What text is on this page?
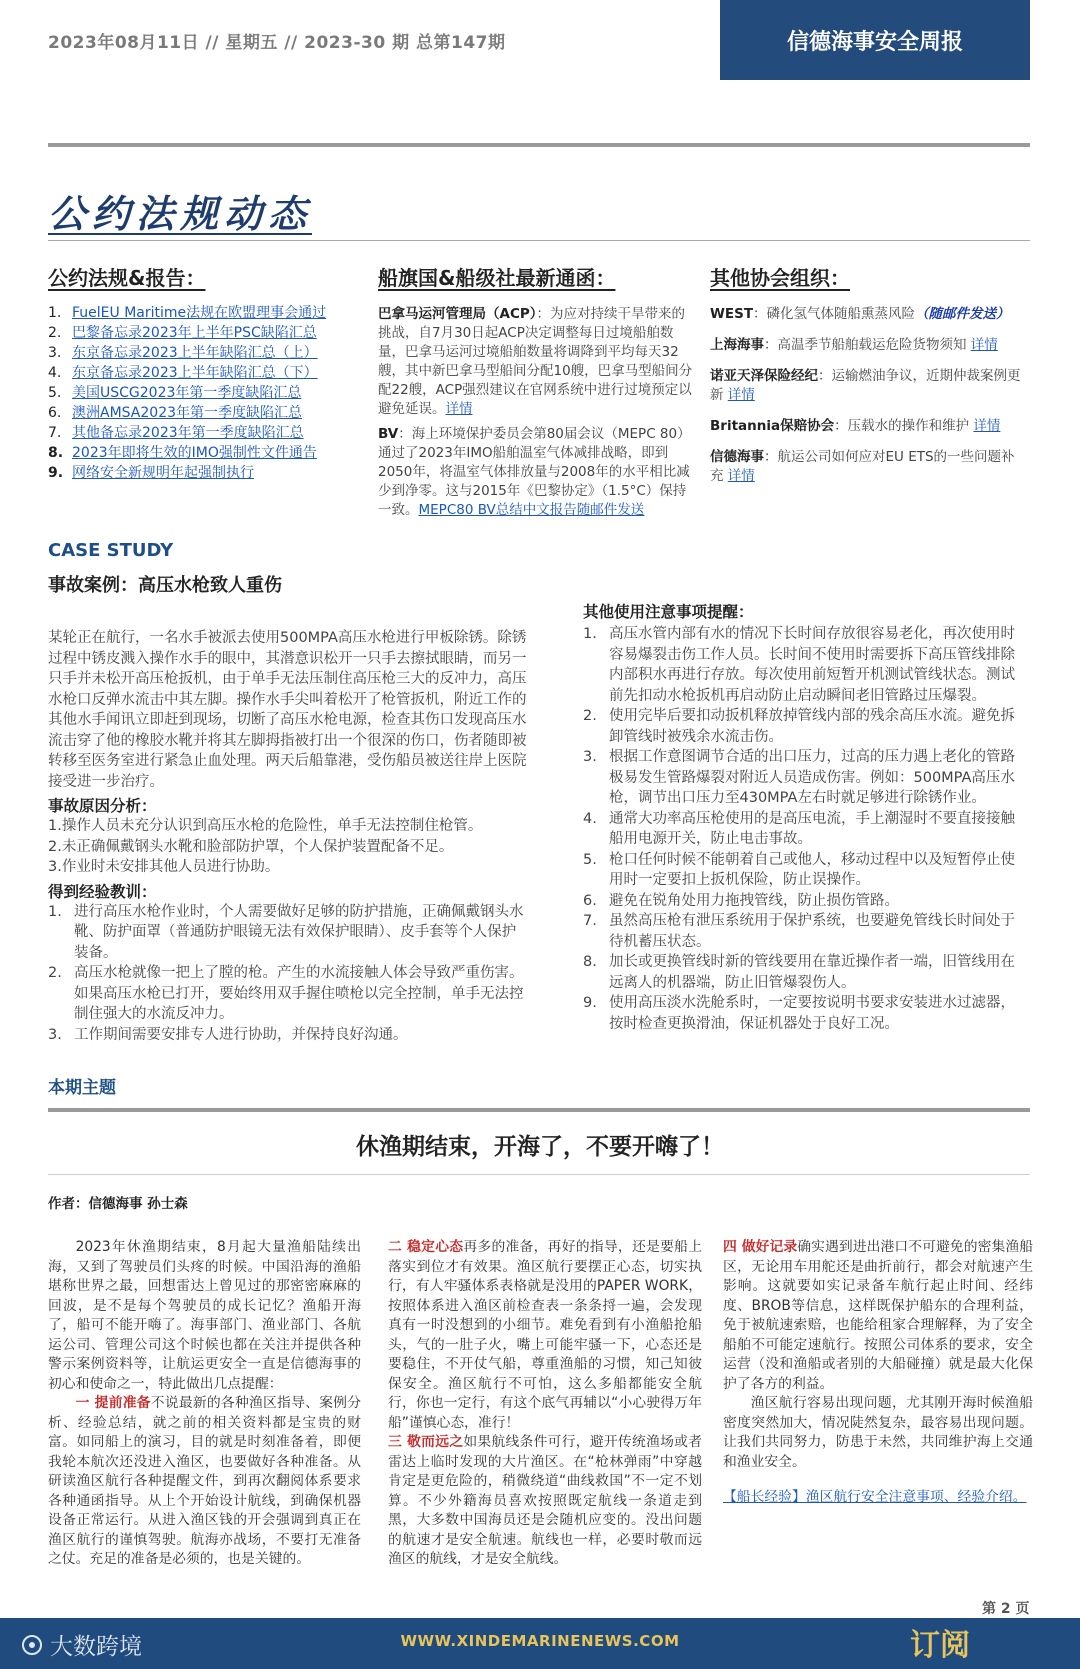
2023年08月11日 // 星期五 // 2023-30 期 总第147期	信德海事安全周报
公约法规动态
公约法规&报告：
1. FuelEU Maritime法规在欧盟理事会通过
2. 巴黎备忘录2023年上半年PSC缺陷汇总
3. 东京备忘录2023上半年缺陷汇总（上）
4. 东京备忘录2023上半年缺陷汇总（下）
5. 美国USCG2023年第一季度缺陷汇总
6. 澳洲AMSA2023年第一季度缺陷汇总
7. 其他备忘录2023年第一季度缺陷汇总
8. 2023年即将生效的IMO强制性文件通告
9. 网络安全新规明年起强制执行
船旗国&船级社最新通函：
巴拿马运河管理局（ACP）：为应对持续干旱带来的挑战，自7月30日起ACP决定调整每日过境船舶数量，巴拿马运河过境船舶数量将调降到平均每天32艘，其中新巴拿马型船间分配10艘，巴拿马型船间分配22艘，ACP强烈建议在官网系统中进行过境预定以避免延误。详情
BV：海上环境保护委员会第80届会议（MEPC 80）通过了2023年IMO船舶温室气体减排战略，即到2050年，将温室气体排放量与2008年的水平相比减少到净零。这与2015年《巴黎协定》（1.5°C）保持一致。MEPC80 BV总结中文报告随邮件发送
其他协会组织：
WEST：磷化氢气体随船熏蒸风险（随邮件发送）
上海海事：高温季节船舶载运危险货物须知 详情
诺亚天泽保险经纪：运输燃油争议，近期仲裁案例更新 详情
Britannia保赔协会：压载水的操作和维护 详情
信德海事：航运公司如何应对EU ETS的一些问题补充 详情
CASE STUDY
事故案例：高压水枪致人重伤
某轮正在航行，一名水手被派去使用500MPA高压水枪进行甲板除锈。除锈过程中锈皮溅入操作水手的眼中，其潜意识松开一只手去擦拭眼睛，而另一只手并未松开高压枪扳机，由于单手无法压制住高压枪三大的反冲力，高压水枪口反弹水流击中其左脚。操作水手尖叫着松开了枪管扳机，附近工作的其他水手闻讯立即赶到现场，切断了高压水枪电源，检查其伤口发现高压水流击穿了他的橡胶水靴并将其左脚拇指被打出一个很深的伤口，伤者随即被转移至医务室进行紧急止血处理。两天后船靠港，受伤船员被送往岸上医院接受进一步治疗。
事故原因分析：
1.操作人员未充分认识到高压水枪的危险性，单手无法控制住枪管。
2.未正确佩戴钢头水靴和脸部防护罩，个人保护装置配备不足。
3.作业时未安排其他人员进行协助。
得到经验教训：
1. 进行高压水枪作业时，个人需要做好足够的防护措施，正确佩戴钢头水靴、防护面罩（普通防护眼镜无法有效保护眼睛）、皮手套等个人保护装备。
2. 高压水枪就像一把上了膛的枪。产生的水流接触人体会导致严重伤害。如果高压水枪已打开，要始终用双手握住喷枪以完全控制，单手无法控制住强大的水流反冲力。
3. 工作期间需要安排专人进行协助，并保持良好沟通。
其他使用注意事项提醒：
1. 高压水管内部有水的情况下长时间存放很容易老化，再次使用时容易爆裂击伤工作人员。长时间不使用时需要拆下高压管线排除内部积水再进行存放。每次使用前短暂开机测试管线状态。测试前先扣动水枪扳机再启动防止启动瞬间老旧管路过压爆裂。
2. 使用完毕后要扣动扳机释放掉管线内部的残余高压水流。避免拆卸管线时被残余水流击伤。
3. 根据工作意图调节合适的出口压力，过高的压力遇上老化的管路极易发生管路爆裂对附近人员造成伤害。例如：500MPA高压水枪，调节出口压力至430MPA左右时就足够进行除锈作业。
4. 通常大功率高压枪使用的是高压电流，手上潮湿时不要直接接触船用电源开关，防止电击事故。
5. 枪口任何时候不能朝着自己或他人，移动过程中以及短暂停止使用时一定要扣上扳机保险，防止误操作。
6. 避免在锐角处用力拖拽管线，防止损伤管路。
7. 虽然高压枪有泄压系统用于保护系统，也要避免管线长时间处于待机蓄压状态。
8. 加长或更换管线时新的管线要用在靠近操作者一端，旧管线用在远离人的机器端，防止旧管爆裂伤人。
9. 使用高压淡水洗舱系时，一定要按说明书要求安装进水过滤器，按时检查更换滑油，保证机器处于良好工况。
本期主题
休渔期结束，开海了，不要开嗨了！
作者：信德海事 孙士森
2023年休渔期结束，8月起大量渔船陆续出海，又到了驾驶员们头疼的时候。中国沿海的渔船堪称世界之最，回想雷达上曾见过的那密密麻麻的回波，是不是每个驾驶员的成长记忆？渔船开海了，船可不能开嗨了。海事部门、渔业部门、各航运公司、管理公司这个时候也都在关注并提供各种警示案例资料等，让航运更安全一直是信德海事的初心和使命之一，特此做出几点提醒：
一 提前准备不说最新的各种渔区指导、案例分析、经验总结，就之前的相关资料都是宝贵的财富。如同船上的演习，目的就是时刻准备着，即便我轮本航次还没进入渔区，也要做好各种准备。从研读渔区航行各种提醒文件，到再次翻阅体系要求各种通函指导。从上个开始设计航线，到确保机器设备正常运行。从进入渔区钱的开会强调到真正在渔区航行的谨慎驾驶。航海亦战场，不要打无准备之仗。充足的准备是必须的，也是关键的。
二 稳定心态再多的准备，再好的指导，还是要船上落实到位才有效果。渔区航行要摆正心态，切实执行，有人牢骚体系表格就是没用的PAPER WORK，按照体系进入渔区前检查表一条条捋一遍，会发现真有一时没想到的小细节。难免看到有小渔船抢船头，气的一肚子火，嘴上可能牢骚一下，心态还是要稳住，不开仗气船，尊重渔船的习惯，知己知彼保安全。渔区航行不可怕，这么多船都能安全航行，你也一定行，有这个底气再辅以“小心驶得万年船”谨慎心态，准行！
三 敬而远之如果航线条件可行，避开传统渔场或者雷达上临时发现的大片渔区。在“枪林弹雨”中穿越肯定是更危险的，稍微绕道“曲线救国”不一定不划算。不少外籍海员喜欢按照既定航线一条道走到黑，大多数中国海员还是会随机应变的。没出问题的航速才是安全航速。航线也一样，必要时敬而远渔区的航线，才是安全航线。
四 做好记录确实遇到进出港口不可避免的密集渔船区，无论用车用舵还是曲折前行，都会对航速产生影响。这就要如实记录备车航行起止时间、经纬度、BROB等信息，这样既保护船东的合理利益，免于被航速索赔，也能给租家合理解释，为了安全船舶不可能定速航行。按照公司体系的要求，安全运营（没和渔船或者别的大船碰撞）就是最大化保护了各方的利益。
渔区航行容易出现问题，尤其刚开海时候渔船密度突然加大，情况陡然复杂，最容易出现问题。让我们共同努力，防患于未然，共同维护海上交通和渔业安全。
【船长经验】渔区航行安全注意事项、经验介绍。
第 2 页
大数跨境	WWW.XINDEMARINENEWS.COM	订阅
